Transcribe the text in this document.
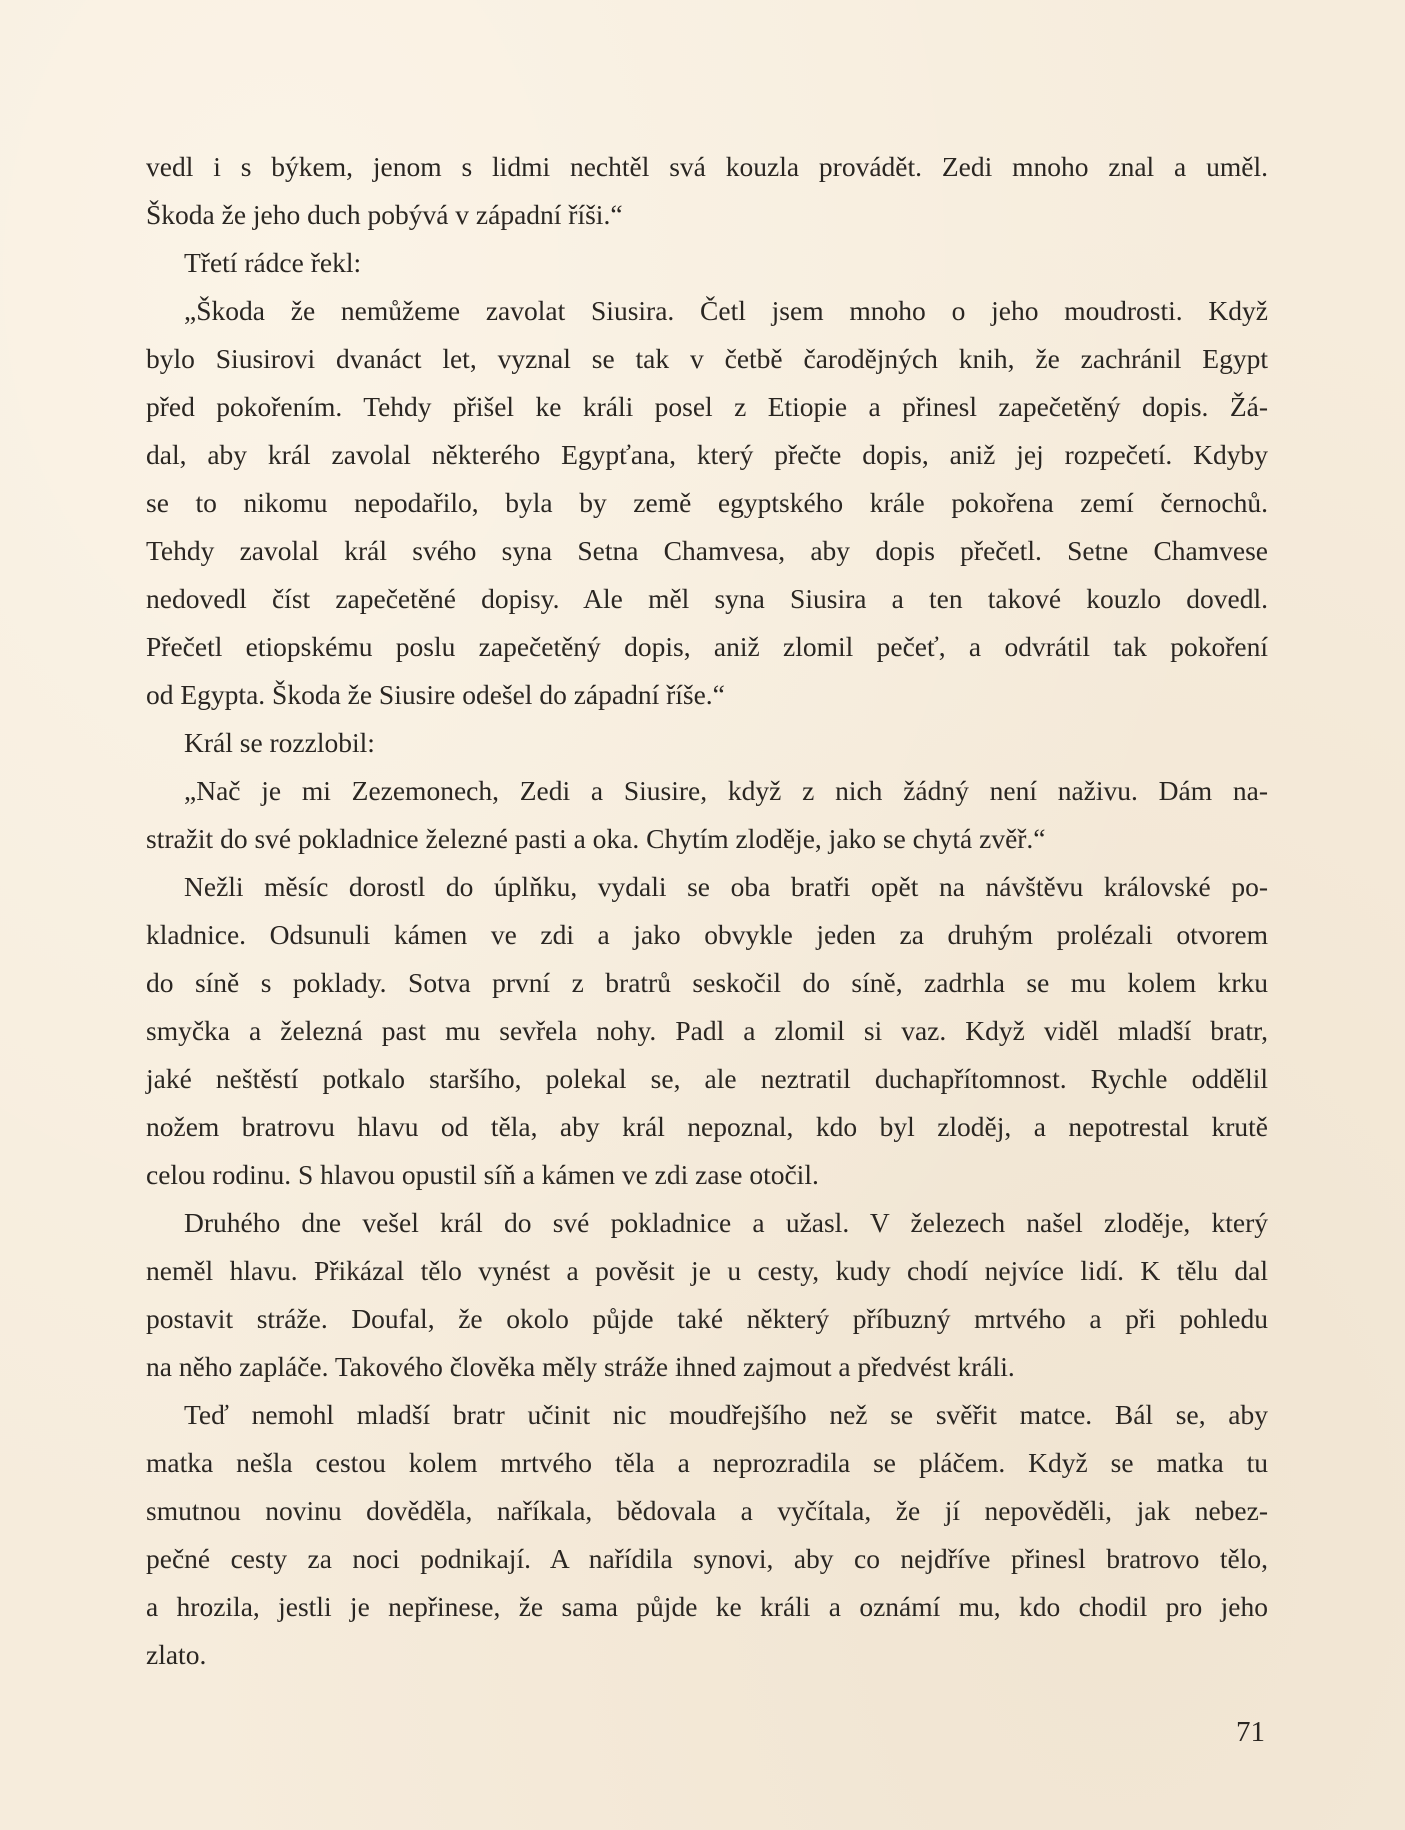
vedl i s býkem, jenom s lidmi nechtěl svá kouzla provádět. Zedi mnoho znal a uměl.
Škoda že jeho duch pobývá v západní říši.“
Třetí rádce řekl:
„Škoda že nemůžeme zavolat Siusira. Četl jsem mnoho o jeho moudrosti. Když
bylo Siusirovi dvanáct let, vyznal se tak v četbě čarodějných knih, že zachránil Egypt
před pokořením. Tehdy přišel ke králi posel z Etiopie a přinesl zapečetěný dopis. Žá-
dal, aby král zavolal některého Egypťana, který přečte dopis, aniž jej rozpečetí. Kdyby
se to nikomu nepodařilo, byla by země egyptského krále pokořena zemí černochů.
Tehdy zavolal král svého syna Setna Chamvesa, aby dopis přečetl. Setne Chamvese
nedovedl číst zapečetěné dopisy. Ale měl syna Siusira a ten takové kouzlo dovedl.
Přečetl etiopskému poslu zapečetěný dopis, aniž zlomil pečeť, a odvrátil tak pokoření
od Egypta. Škoda že Siusire odešel do západní říše.“
Král se rozzlobil:
„Nač je mi Zezemonech, Zedi a Siusire, když z nich žádný není naživu. Dám na-
stražit do své pokladnice železné pasti a oka. Chytím zloděje, jako se chytá zvěř.“
Nežli měsíc dorostl do úplňku, vydali se oba bratři opět na návštěvu královské po-
kladnice. Odsunuli kámen ve zdi a jako obvykle jeden za druhým prolézali otvorem
do síně s poklady. Sotva první z bratrů seskočil do síně, zadrhla se mu kolem krku
smyčka a železná past mu sevřela nohy. Padl a zlomil si vaz. Když viděl mladší bratr,
jaké neštěstí potkalo staršího, polekal se, ale neztratil duchapřítomnost. Rychle oddělil
nožem bratrovu hlavu od těla, aby král nepoznal, kdo byl zloděj, a nepotrestal krutě
celou rodinu. S hlavou opustil síň a kámen ve zdi zase otočil.
Druhého dne vešel král do své pokladnice a užasl. V železech našel zloděje, který
neměl hlavu. Přikázal tělo vynést a pověsit je u cesty, kudy chodí nejvíce lidí. K tělu dal
postavit stráže. Doufal, že okolo půjde také některý příbuzný mrtvého a při pohledu
na něho zapláče. Takového člověka měly stráže ihned zajmout a předvést králi.
Teď nemohl mladší bratr učinit nic moudřejšího než se svěřit matce. Bál se, aby
matka nešla cestou kolem mrtvého těla a neprozradila se pláčem. Když se matka tu
smutnou novinu dověděla, naříkala, bědovala a vyčítala, že jí nepověděli, jak nebez-
pečné cesty za noci podnikají. A nařídila synovi, aby co nejdříve přinesl bratrovo tělo,
a hrozila, jestli je nepřinese, že sama půjde ke králi a oznámí mu, kdo chodil pro jeho
zlato.
71
